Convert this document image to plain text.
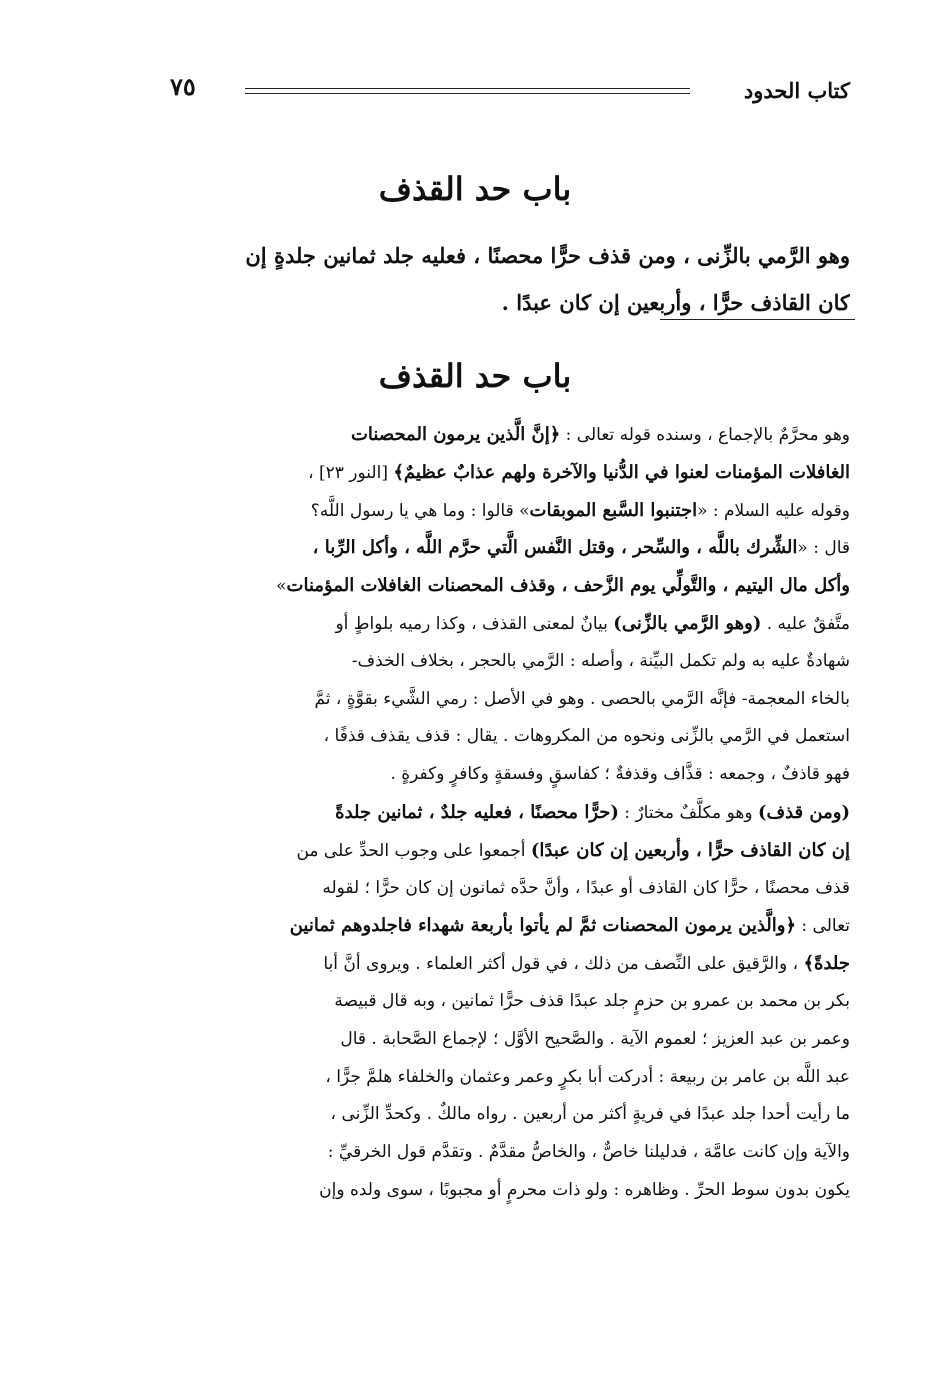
٧٥	كتاب الحدود
باب حد القذف
وهو الرَّمي بالزِّنى ، ومن قذف حرًّا محصنًا ، فعليه جلد ثمانين جلدةٍ إن
كان القاذف حرًّا ، وأربعين إن كان عبدًا .
باب حد القذف
وهو محرَّمٌ بالإجماع ، وسنده قوله تعالى : ﴿إنَّ الَّذين يرمون المحصنات
الغافلات المؤمنات لعنوا في الدُّنيا والآخرة ولهم عذابٌ عظيمٌ﴾ [النور ٢٣] ،
وقوله عليه السلام : «اجتنبوا السَّبع الموبقات» قالوا : وما هي يا رسول اللَّه؟
قال : «الشِّرك باللَّه ، والسِّحر ، وقتل النَّفس الَّتي حرَّم اللَّه ، وأكل الرِّبا ،
وأكل مال اليتيم ، والتَّولِّي يوم الزَّحف ، وقذف المحصنات الغافلات المؤمنات»
متَّفقٌ عليه . (وهو الرَّمي بالزِّنى) بيانٌ لمعنى القذف ، وكذا رميه بلواطٍ أو
شهادةٌ عليه به ولم تكمل البيِّنة ، وأصله : الرَّمي بالحجر ، بخلاف الخذف-
بالخاء المعجمة- فإنَّه الرَّمي بالحصى . وهو في الأصل : رمي الشَّيء بقوَّةٍ ، ثمَّ
استعمل في الرَّمي بالزِّنى ونحوه من المكروهات . يقال : قذف يقذف قذفًا ،
فهو قاذفٌ ، وجمعه : قذَّاف وقذفةٌ ؛ كفاسقٍ وفسقةٍ وكافرٍ وكفرةٍ .
(ومن قذف) وهو مكلَّفٌ مختارٌ : (حرًّا محصنًا ، فعليه جلدٌ ، ثمانين جلدةً
إن كان القاذف حرًّا ، وأربعين إن كان عبدًا) أجمعوا على وجوب الحدِّ على من
قذف محصنًا ، حرًّا كان القاذف أو عبدًا ، وأنَّ حدَّه ثمانون إن كان حرًّا ؛ لقوله
تعالى : ﴿والَّذين يرمون المحصنات ثمَّ لم يأتوا بأربعة شهداء فاجلدوهم ثمانين
جلدةً﴾ ، والرَّقيق على النِّصف من ذلك ، في قول أكثر العلماء . ويروى أنَّ أبا
بكر بن محمد بن عمرو بن حزمٍ جلد عبدًا قذف حرًّا ثمانين ، وبه قال قبيصة
وعمر بن عبد العزيز ؛ لعموم الآية . والصَّحيح الأوَّل ؛ لإجماع الصَّحابة . قال
عبد اللَّه بن عامر بن ربيعة : أدركت أبا بكرٍ وعمر وعثمان والخلفاء هلمَّ جرًّا ،
ما رأيت أحدا جلد عبدًا في فريةٍ أكثر من أربعين . رواه مالكٌ . وكحدِّ الزِّنى ،
والآية وإن كانت عامَّة ، فدليلنا خاصٌّ ، والخاصُّ مقدَّمٌ . وتقدَّم قول الخرقيِّ :
يكون بدون سوط الحرِّ . وظاهره : ولو ذات محرمٍ أو مجبوبًا ، سوى ولده وإن
